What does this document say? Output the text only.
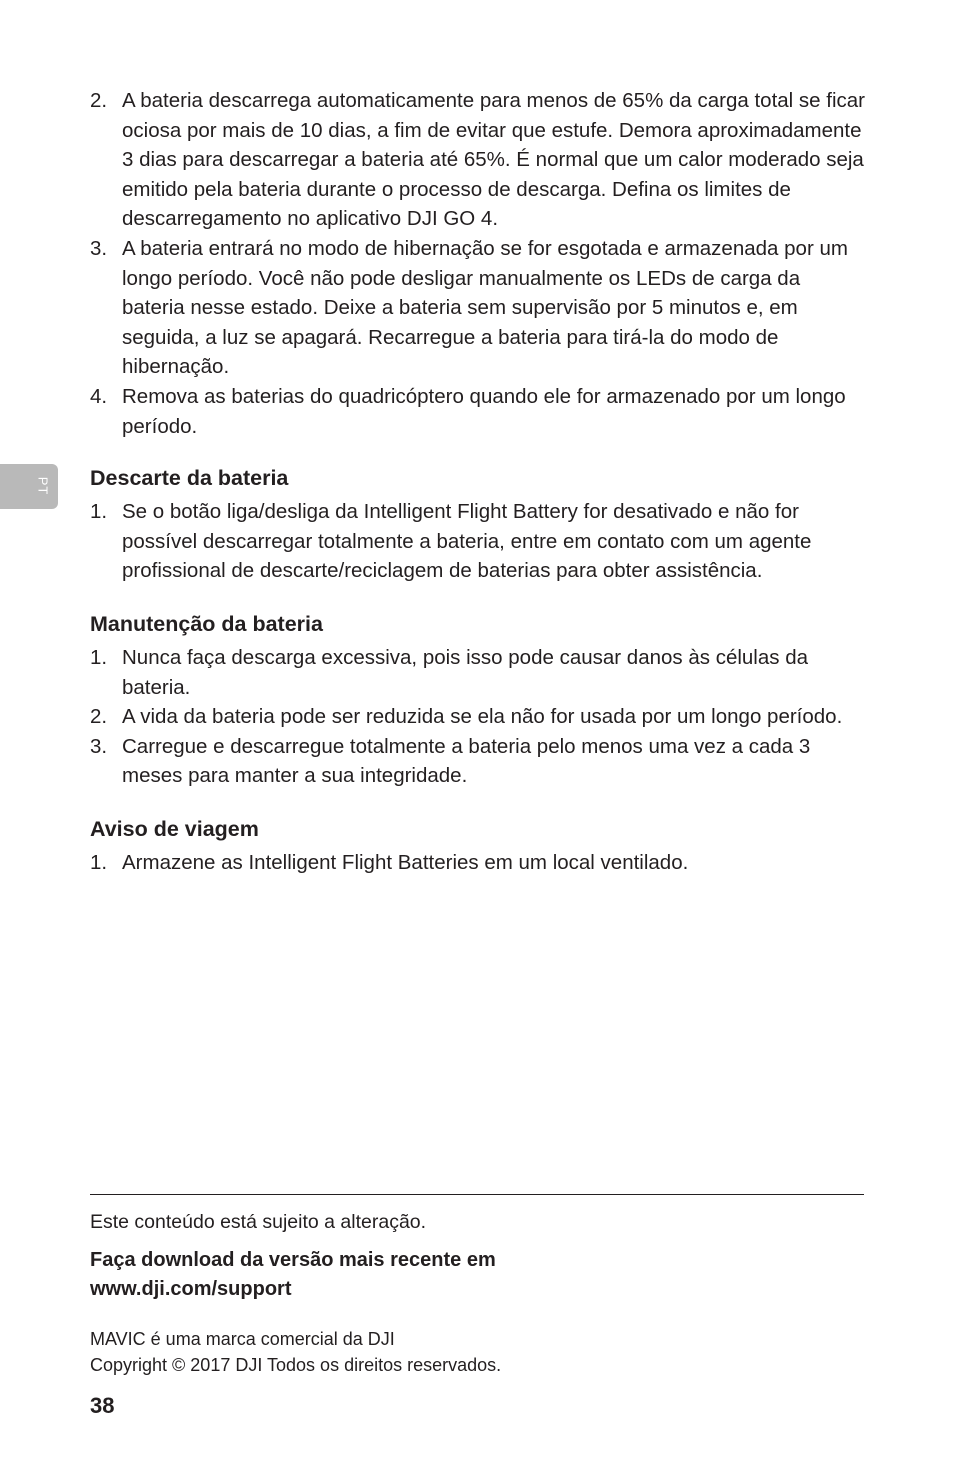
PT
2. A bateria descarrega automaticamente para menos de 65% da carga total se ficar ociosa por mais de 10 dias, a fim de evitar que estufe. Demora aproximadamente 3 dias para descarregar a bateria até 65%. É normal que um calor moderado seja emitido pela bateria durante o processo de descarga. Defina os limites de descarregamento no aplicativo DJI GO 4.
3. A bateria entrará no modo de hibernação se for esgotada e armazenada por um longo período. Você não pode desligar manualmente os LEDs de carga da bateria nesse estado. Deixe a bateria sem supervisão por 5 minutos e, em seguida, a luz se apagará. Recarregue a bateria para tirá-la do modo de hibernação.
4. Remova as baterias do quadricóptero quando ele for armazenado por um longo período.
Descarte da bateria
1. Se o botão liga/desliga da Intelligent Flight Battery for desativado e não for possível descarregar totalmente a bateria, entre em contato com um agente profissional de descarte/reciclagem de baterias para obter assistência.
Manutenção da bateria
1. Nunca faça descarga excessiva, pois isso pode causar danos às células da bateria.
2. A vida da bateria pode ser reduzida se ela não for usada por um longo período.
3. Carregue e descarregue totalmente a bateria pelo menos uma vez a cada 3 meses para manter a sua integridade.
Aviso de viagem
1. Armazene as Intelligent Flight Batteries em um local ventilado.

Este conteúdo está sujeito a alteração.

Faça download da versão mais recente em
www.dji.com/support

MAVIC é uma marca comercial da DJI
Copyright © 2017 DJI Todos os direitos reservados.

38
